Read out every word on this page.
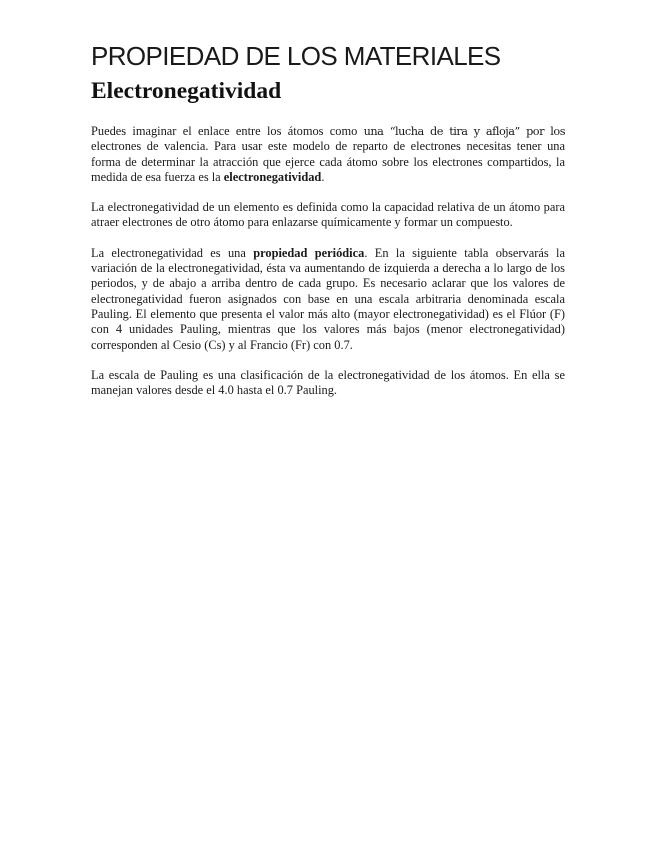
PROPIEDAD DE LOS MATERIALES
Electronegatividad

Puedes imaginar el enlace entre los átomos como una “lucha de tira y afloja” por los electrones de valencia. Para usar este modelo de reparto de electrones necesitas tener una forma de determinar la atracción que ejerce cada átomo sobre los electrones compartidos, la medida de esa fuerza es la electronegatividad.

La electronegatividad de un elemento es definida como la capacidad relativa de un átomo para atraer electrones de otro átomo para enlazarse químicamente y formar un compuesto.

La electronegatividad es una propiedad periódica. En la siguiente tabla observarás la variación de la electronegatividad, ésta va aumentando de izquierda a derecha a lo largo de los periodos, y de abajo a arriba dentro de cada grupo. Es necesario aclarar que los valores de electronegatividad fueron asignados con base en una escala arbitraria denominada escala Pauling. El elemento que presenta el valor más alto (mayor electronegatividad) es el Flúor (F) con 4 unidades Pauling, mientras que los valores más bajos (menor electronegatividad) corresponden al Cesio (Cs) y al Francio (Fr) con 0.7.

La escala de Pauling es una clasificación de la electronegatividad de los átomos. En ella se manejan valores desde el 4.0 hasta el 0.7 Pauling.
